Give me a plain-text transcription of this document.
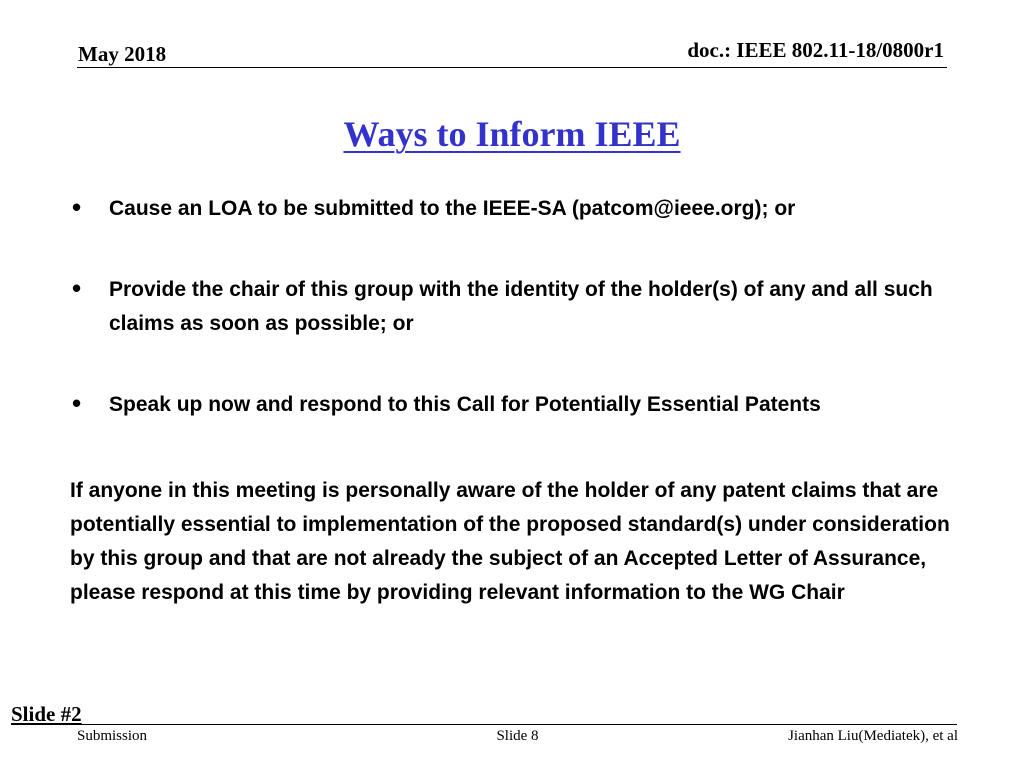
May 2018	doc.: IEEE 802.11-18/0800r1
Ways to Inform IEEE
• Cause an LOA to be submitted to the IEEE-SA (patcom@ieee.org); or
• Provide the chair of this group with the identity of the holder(s) of any and all such claims as soon as possible; or
• Speak up now and respond to this Call for Potentially Essential Patents

If anyone in this meeting is personally aware of the holder of any patent claims that are potentially essential to implementation of the proposed standard(s) under consideration by this group and that are not already the subject of an Accepted Letter of Assurance, please respond at this time by providing relevant information to the WG Chair

Slide #2
Submission	Slide 8	Jianhan Liu(Mediatek), et al
